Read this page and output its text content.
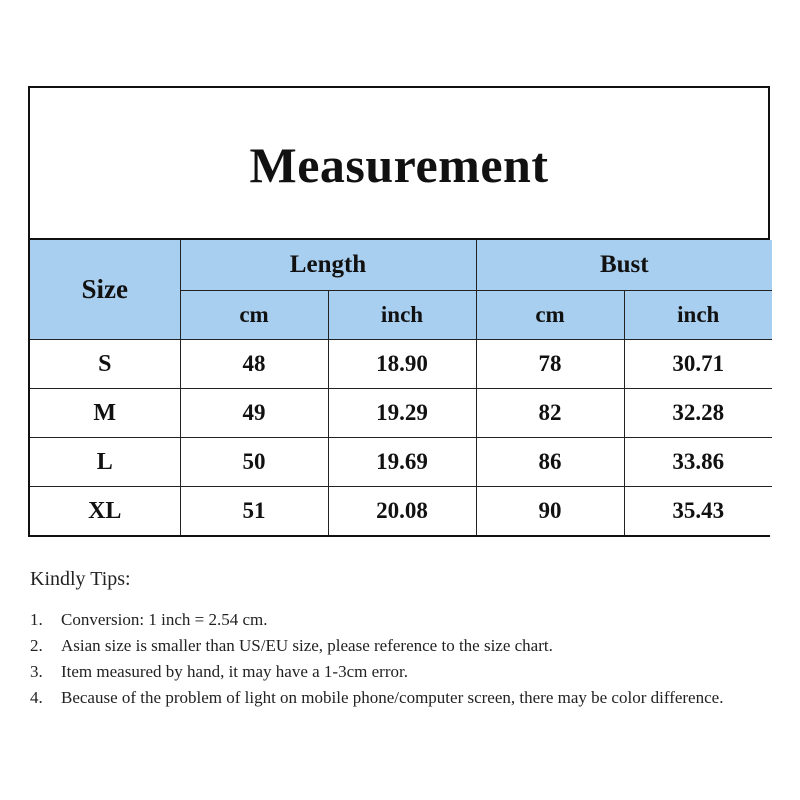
Measurement
Size	Length		Bust	
	cm	inch	cm	inch
S	48	18.90	78	30.71
M	49	19.29	82	32.28
L	50	19.69	86	33.86
XL	51	20.08	90	35.43
Kindly Tips:
1.	Conversion: 1 inch = 2.54 cm.
2.	Asian size is smaller than US/EU size, please reference to the size chart.
3.	Item measured by hand, it may have a 1-3cm error.
4.	Because of the problem of light on mobile phone/computer screen, there may be color difference.
